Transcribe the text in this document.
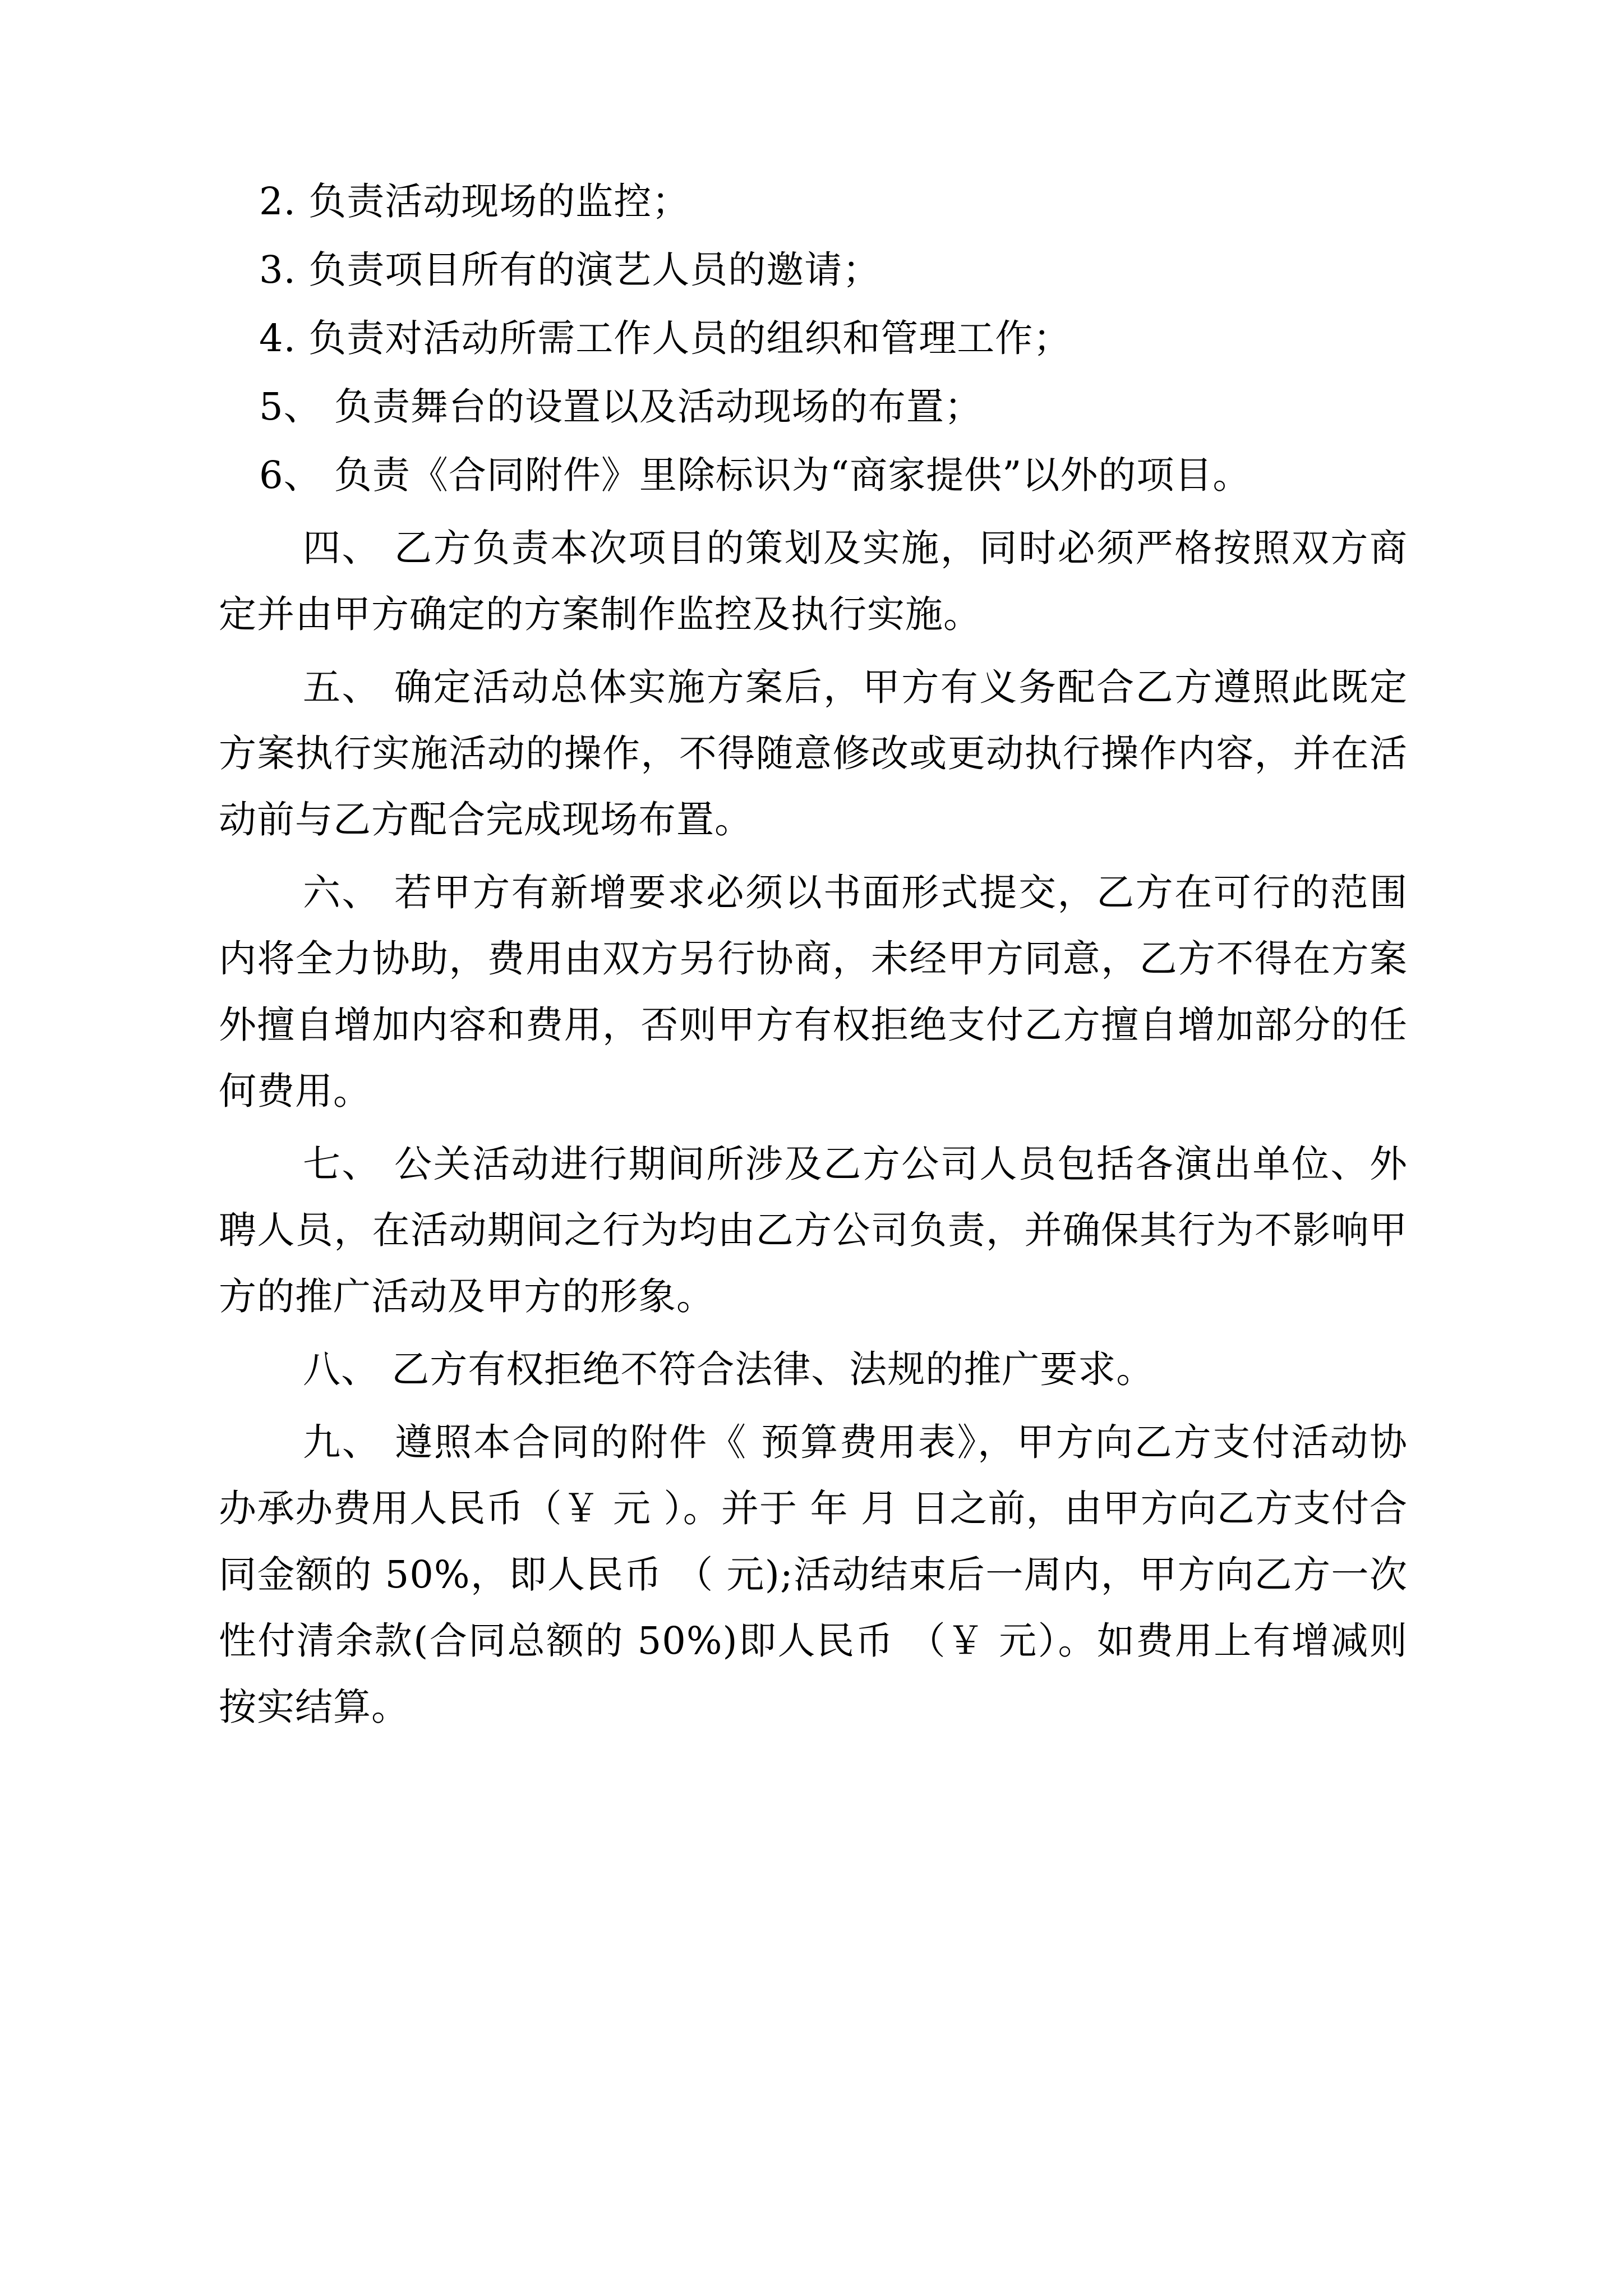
2. 负责活动现场的监控；

3. 负责项目所有的演艺人员的邀请；

4. 负责对活动所需工作人员的组织和管理工作；

5、 负责舞台的设置以及活动现场的布置；

6、 负责《合同附件》里除标识为“商家提供”以外的项目。

四、 乙方负责本次项目的策划及实施，同时必须严格按照双方商定并由甲方确定的方案制作监控及执行实施。

五、 确定活动总体实施方案后，甲方有义务配合乙方遵照此既定方案执行实施活动的操作，不得随意修改或更动执行操作内容，并在活动前与乙方配合完成现场布置。

六、 若甲方有新增要求必须以书面形式提交，乙方在可行的范围内将全力协助，费用由双方另行协商，未经甲方同意，乙方不得在方案外擅自增加内容和费用，否则甲方有权拒绝支付乙方擅自增加部分的任何费用。

七、 公关活动进行期间所涉及乙方公司人员包括各演出单位、外聘人员，在活动期间之行为均由乙方公司负责，并确保其行为不影响甲方的推广活动及甲方的形象。

八、 乙方有权拒绝不符合法律、法规的推广要求。

九、 遵照本合同的附件《 预算费用表》，甲方向乙方支付活动协办承办费用人民币（￥ 元 ）。并于 年 月 日之前，由甲方向乙方支付合同金额的 50%，即人民币 （ 元);活动结束后一周内，甲方向乙方一次性付清余款(合同总额的 50%)即人民币 （￥ 元）。如费用上有增减则按实结算。
